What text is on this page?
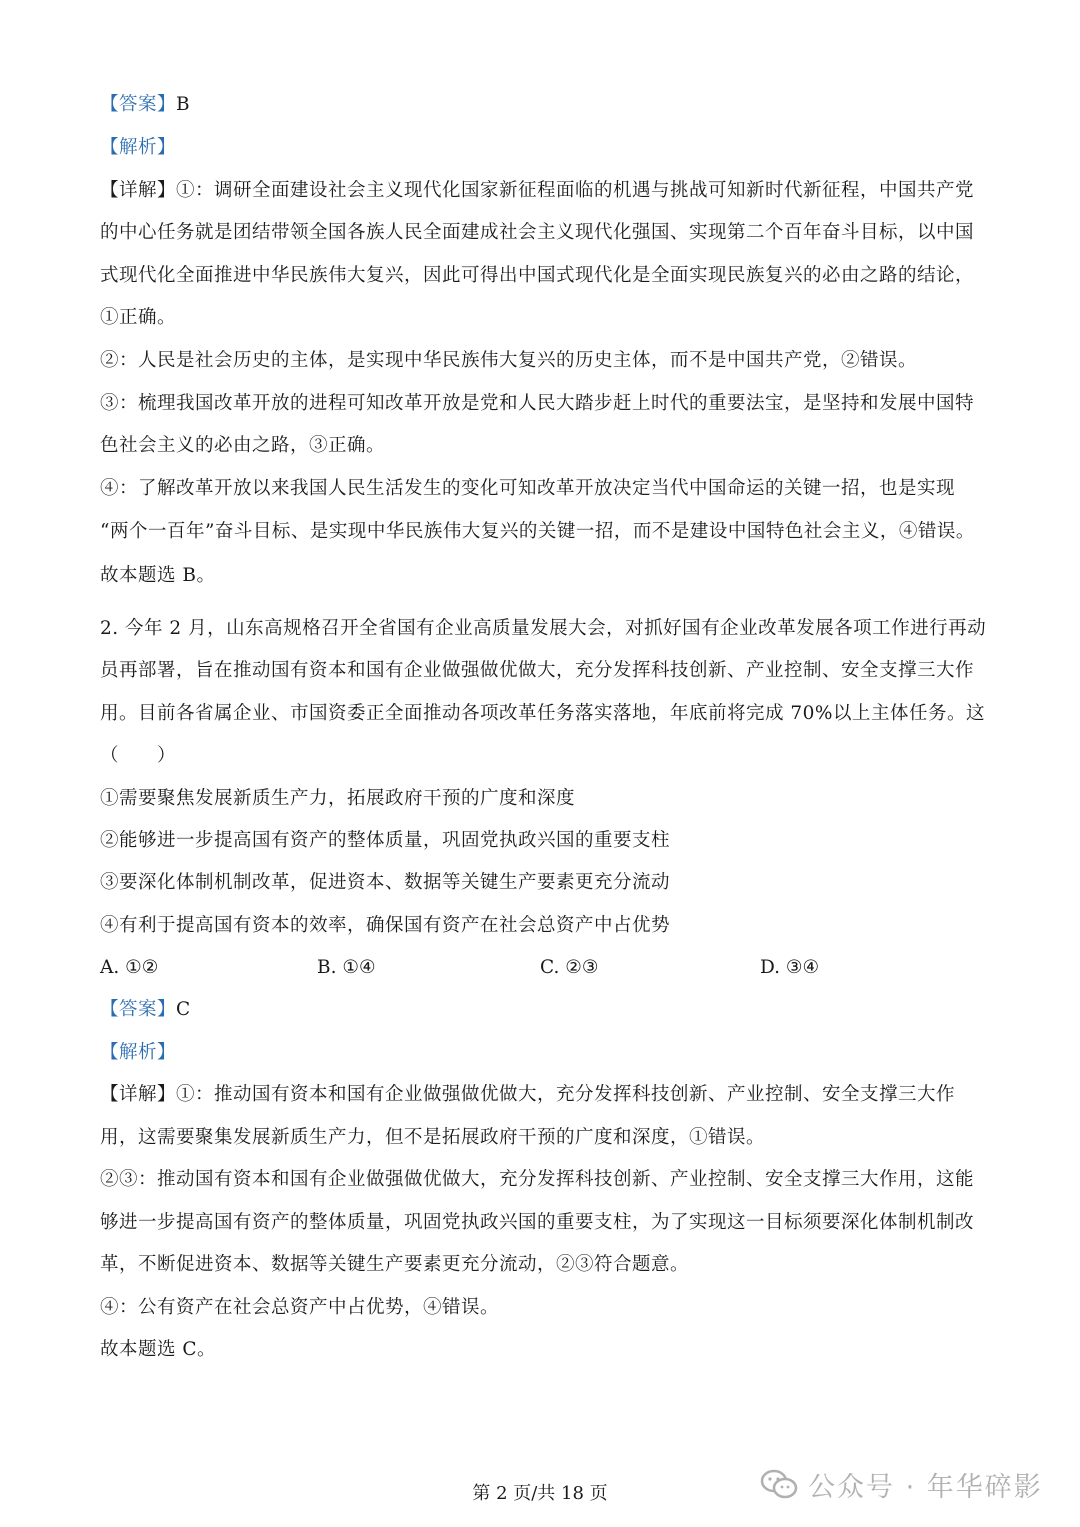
【答案】B
【解析】
【详解】①：调研全面建设社会主义现代化国家新征程面临的机遇与挑战可知新时代新征程，中国共产党
的中心任务就是团结带领全国各族人民全面建成社会主义现代化强国、实现第二个百年奋斗目标，以中国
式现代化全面推进中华民族伟大复兴，因此可得出中国式现代化是全面实现民族复兴的必由之路的结论，
①正确。
②：人民是社会历史的主体，是实现中华民族伟大复兴的历史主体，而不是中国共产党，②错误。
③：梳理我国改革开放的进程可知改革开放是党和人民大踏步赶上时代的重要法宝，是坚持和发展中国特
色社会主义的必由之路，③正确。
④：了解改革开放以来我国人民生活发生的变化可知改革开放决定当代中国命运的关键一招，也是实现
“两个一百年”奋斗目标、是实现中华民族伟大复兴的关键一招，而不是建设中国特色社会主义，④错误。
故本题选 B。
2. 今年 2 月，山东高规格召开全省国有企业高质量发展大会，对抓好国有企业改革发展各项工作进行再动
员再部署，旨在推动国有资本和国有企业做强做优做大，充分发挥科技创新、产业控制、安全支撑三大作
用。目前各省属企业、市国资委正全面推动各项改革任务落实落地，年底前将完成 70%以上主体任务。这
（　　）
①需要聚焦发展新质生产力，拓展政府干预的广度和深度
②能够进一步提高国有资产的整体质量，巩固党执政兴国的重要支柱
③要深化体制机制改革，促进资本、数据等关键生产要素更充分流动
④有利于提高国有资本的效率，确保国有资产在社会总资产中占优势
A. ①②	B. ①④	C. ②③	D. ③④
【答案】C
【解析】
【详解】①：推动国有资本和国有企业做强做优做大，充分发挥科技创新、产业控制、安全支撑三大作
用，这需要聚集发展新质生产力，但不是拓展政府干预的广度和深度，①错误。
②③：推动国有资本和国有企业做强做优做大，充分发挥科技创新、产业控制、安全支撑三大作用，这能
够进一步提高国有资产的整体质量，巩固党执政兴国的重要支柱，为了实现这一目标须要深化体制机制改
革，不断促进资本、数据等关键生产要素更充分流动，②③符合题意。
④：公有资产在社会总资产中占优势，④错误。
故本题选 C。
第 2 页/共 18 页	公众号 · 年华碎影
